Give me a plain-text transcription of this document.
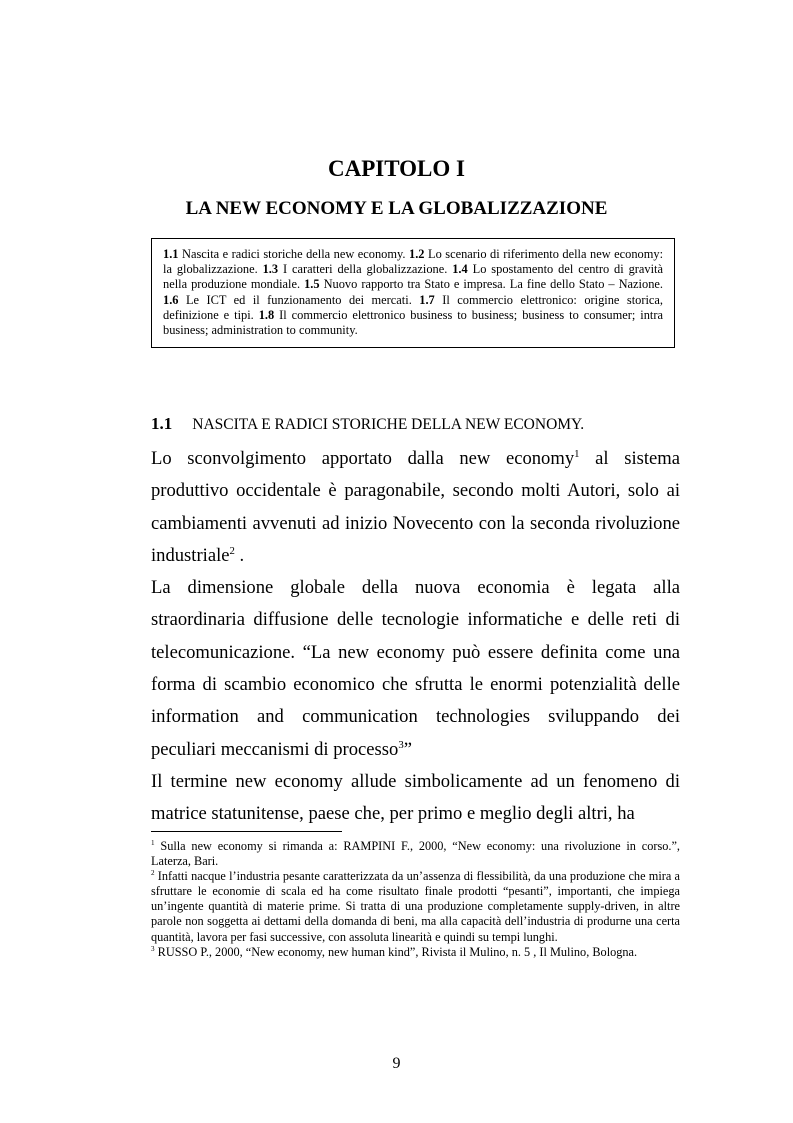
CAPITOLO I
LA NEW ECONOMY E LA GLOBALIZZAZIONE
1.1 Nascita e radici storiche della new economy. 1.2 Lo scenario di riferimento della new economy: la globalizzazione. 1.3 I caratteri della globalizzazione. 1.4 Lo spostamento del centro di gravità nella produzione mondiale. 1.5 Nuovo rapporto tra Stato e impresa. La fine dello Stato – Nazione. 1.6 Le ICT ed il funzionamento dei mercati. 1.7 Il commercio elettronico: origine storica, definizione e tipi. 1.8 Il commercio elettronico business to business; business to consumer; intra business; administration to community.
1.1 NASCITA E RADICI STORICHE DELLA NEW ECONOMY.

Lo sconvolgimento apportato dalla new economy$^1$ al sistema produttivo occidentale è paragonabile, secondo molti Autori, solo ai cambiamenti avvenuti ad inizio Novecento con la seconda rivoluzione industriale$^2$ .

La dimensione globale della nuova economia è legata alla straordinaria diffusione delle tecnologie informatiche e delle reti di telecomunicazione. “La new economy può essere definita come una forma di scambio economico che sfrutta le enormi potenzialità delle information and communication technologies sviluppando dei peculiari meccanismi di processo$^3$”

Il termine new economy allude simbolicamente ad un fenomeno di matrice statunitense, paese che, per primo e meglio degli altri, ha

$^1$ Sulla new economy si rimanda a: RAMPINI F., 2000, “New economy: una rivoluzione in corso.”, Laterza, Bari.

$^2$ Infatti nacque l’industria pesante caratterizzata da un’assenza di flessibilità, da una produzione che mira a sfruttare le economie di scala ed ha come risultato finale prodotti “pesanti”, importanti, che impiega un’ingente quantità di materie prime. Si tratta di una produzione completamente supply-driven, in altre parole non soggetta ai dettami della domanda di beni, ma alla capacità dell’industria di produrne una certa quantità, lavora per fasi successive, con assoluta linearità e quindi su tempi lunghi.

$^3$ RUSSO P., 2000, “New economy, new human kind”, Rivista il Mulino, n. 5 , Il Mulino, Bologna.

9
